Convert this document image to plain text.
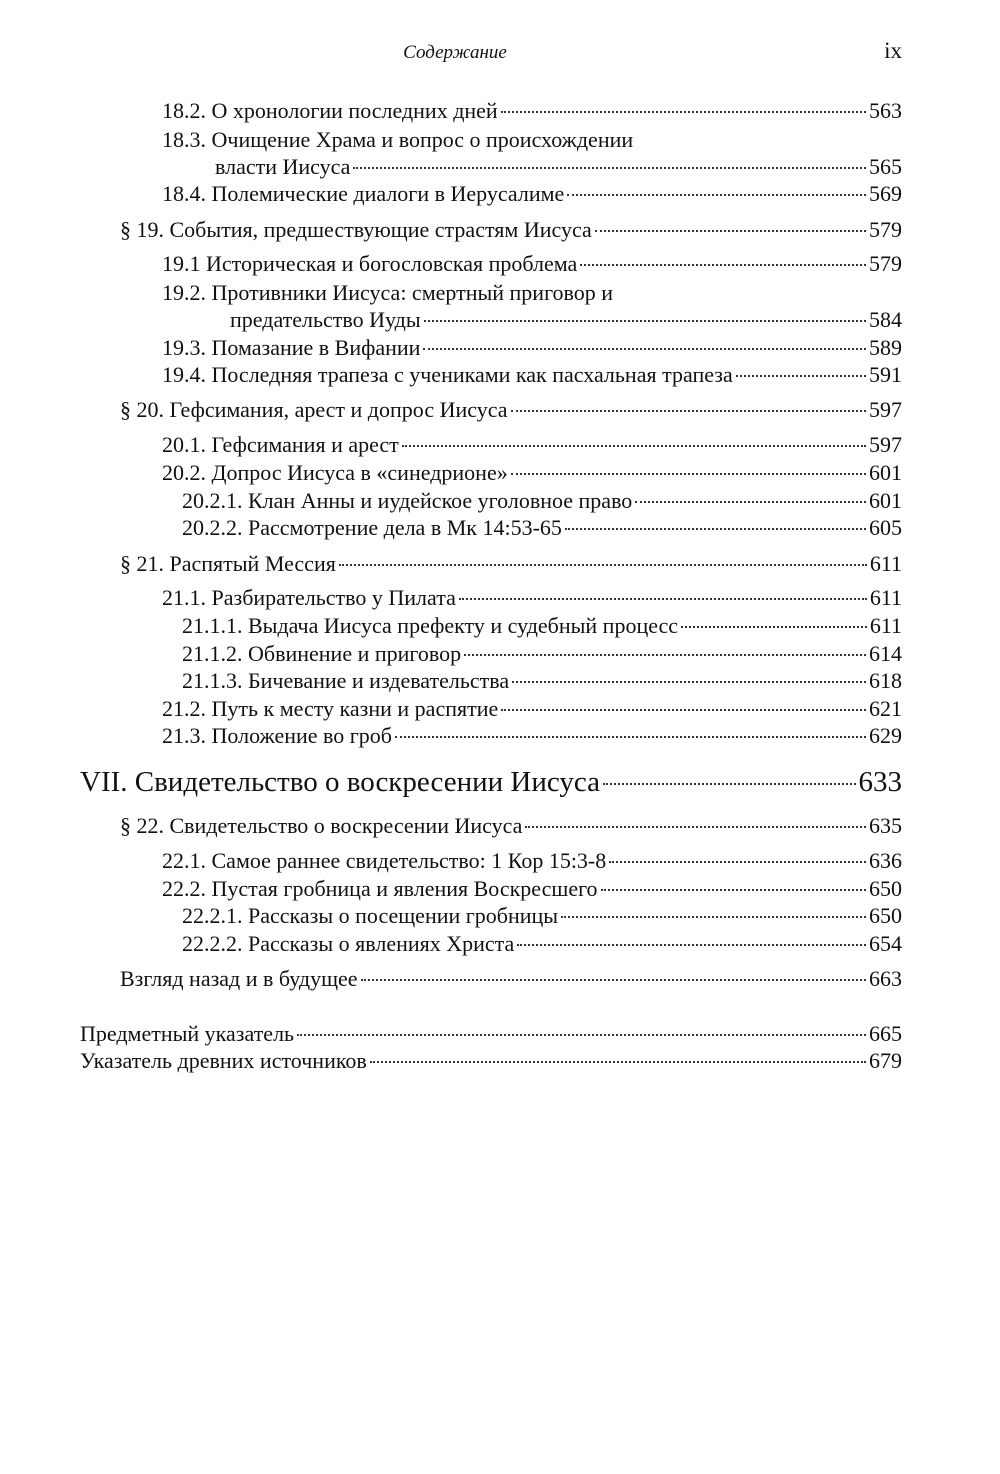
Содержание	ix
18.2. О хронологии последних дней	563
18.3. Очищение Храма и вопрос о происхождении
власти Иисуса	565
18.4. Полемические диалоги в Иерусалиме	569
§ 19. События, предшествующие страстям Иисуса	579
19.1 Историческая и богословская проблема	579
19.2. Противники Иисуса: смертный приговор и
предательство Иуды	584
19.3. Помазание в Вифании	589
19.4. Последняя трапеза с учениками как пасхальная трапеза	591
§ 20. Гефсимания, арест и допрос Иисуса	597
20.1. Гефсимания и арест	597
20.2. Допрос Иисуса в «синедрионе»	601
20.2.1. Клан Анны и иудейское уголовное право	601
20.2.2. Рассмотрение дела в Мк 14:53-65	605
§ 21. Распятый Мессия	611
21.1. Разбирательство у Пилата	611
21.1.1. Выдача Иисуса префекту и судебный процесс	611
21.1.2. Обвинение и приговор	614
21.1.3. Бичевание и издевательства	618
21.2. Путь к месту казни и распятие	621
21.3. Положение во гроб	629
VII. Свидетельство о воскресении Иисуса	633
§ 22. Свидетельство о воскресении Иисуса	635
22.1. Самое раннее свидетельство: 1 Кор 15:3-8	636
22.2. Пустая гробница и явления Воскресшего	650
22.2.1. Рассказы о посещении гробницы	650
22.2.2. Рассказы о явлениях Христа	654
Взгляд назад и в будущее	663
Предметный указатель	665
Указатель древних источников	679
